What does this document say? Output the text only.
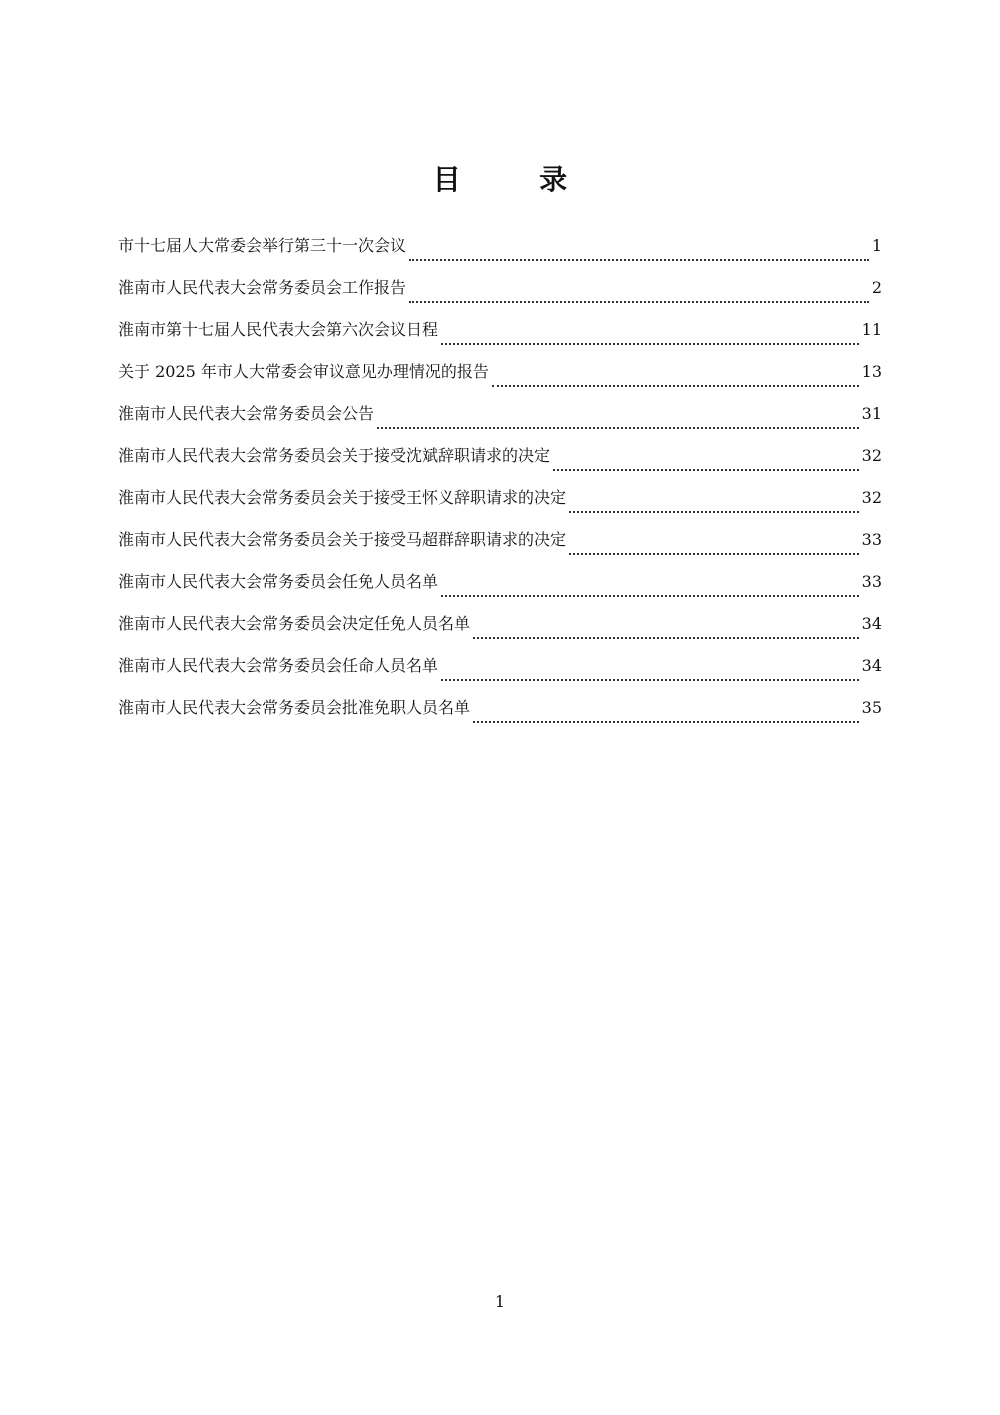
目　录
市十七届人大常委会举行第三十一次会议	1
淮南市人民代表大会常务委员会工作报告	2
淮南市第十七届人民代表大会第六次会议日程	11
关于 2025 年市人大常委会审议意见办理情况的报告	13
淮南市人民代表大会常务委员会公告	31
淮南市人民代表大会常务委员会关于接受沈斌辞职请求的决定	32
淮南市人民代表大会常务委员会关于接受王怀义辞职请求的决定	32
淮南市人民代表大会常务委员会关于接受马超群辞职请求的决定	33
淮南市人民代表大会常务委员会任免人员名单	33
淮南市人民代表大会常务委员会决定任免人员名单	34
淮南市人民代表大会常务委员会任命人员名单	34
淮南市人民代表大会常务委员会批准免职人员名单	35
1
